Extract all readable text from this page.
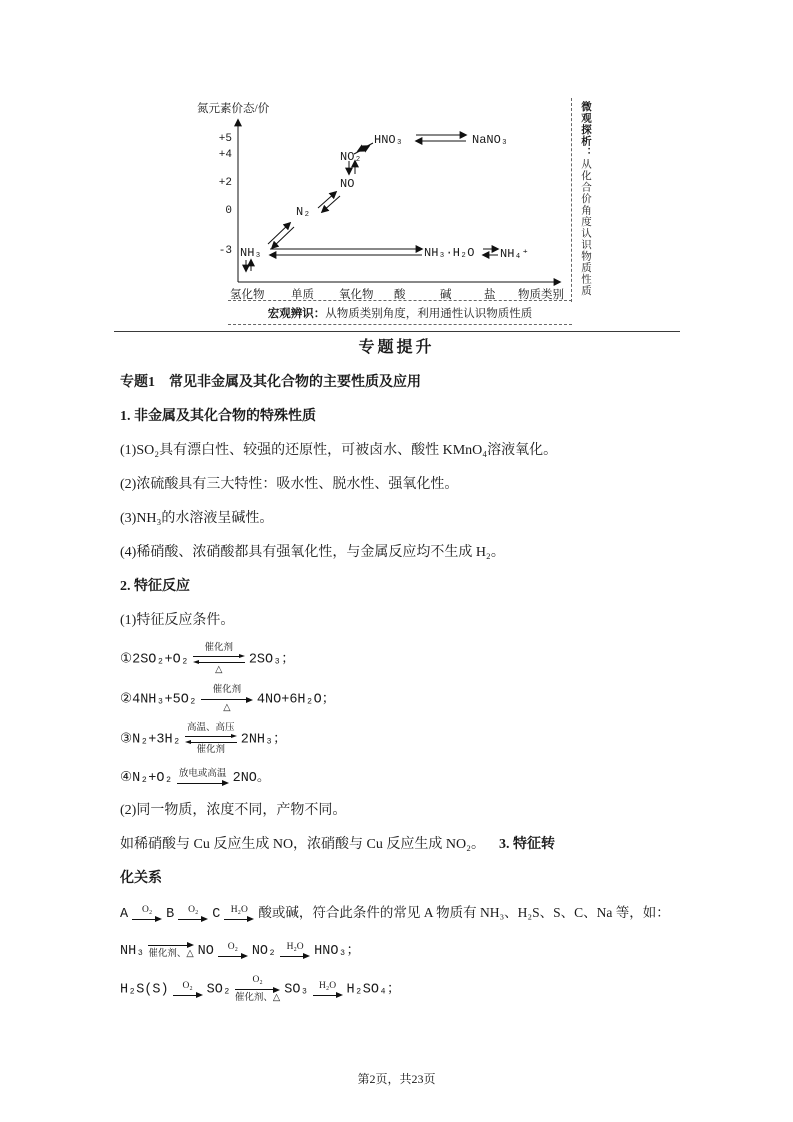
氮元素价态/价
+5
+4
+2
0
-3 NH₃
N₂
NO
NO₂
HNO₃	NaNO₃
NH₃·H₂O NH₄⁺
氢化物 单质 氧化物 酸	碱	盐 物质类别
微观探析：从化合价角度认识物质性质
宏观辨识：从物质类别角度，利用通性认识物质性质
专题提升

专题1　常见非金属及其化合物的主要性质及应用

1. 非金属及其化合物的特殊性质

(1)SO₂具有漂白性、较强的还原性，可被卤水、酸性 KMnO₄溶液氧化。

(2)浓硫酸具有三大特性：吸水性、脱水性、强氧化性。

(3)NH₃的水溶液呈碱性。

(4)稀硝酸、浓硝酸都具有强氧化性，与金属反应均不生成 H₂。

2. 特征反应

(1)特征反应条件。

①2SO₂+O₂
催化剂
△
2SO₃；

②4NH₃+5O₂
催化剂
△
4NO+6H₂O；

③N₂+3H₂
高温、高压
催化剂
2NH₃；

④N₂+O₂ 放电或高温 2NO。

(2)同一物质，浓度不同，产物不同。

如稀硝酸与 Cu 反应生成 NO，浓硝酸与 Cu 反应生成 NO₂。 3. 特征转

化关系

A O₂ B O₂ C H₂O 酸或碱，符合此条件的常见 A 物质有 NH₃、H₂S、S、C、Na 等，如：

NH₃ 催化剂、△ NO O₂ NO₂ H₂O HNO₃；

H₂S(S) O₂ SO₂
O₂
催化剂、△
SO₃ H₂O H₂SO₄；

第2页，共23页
